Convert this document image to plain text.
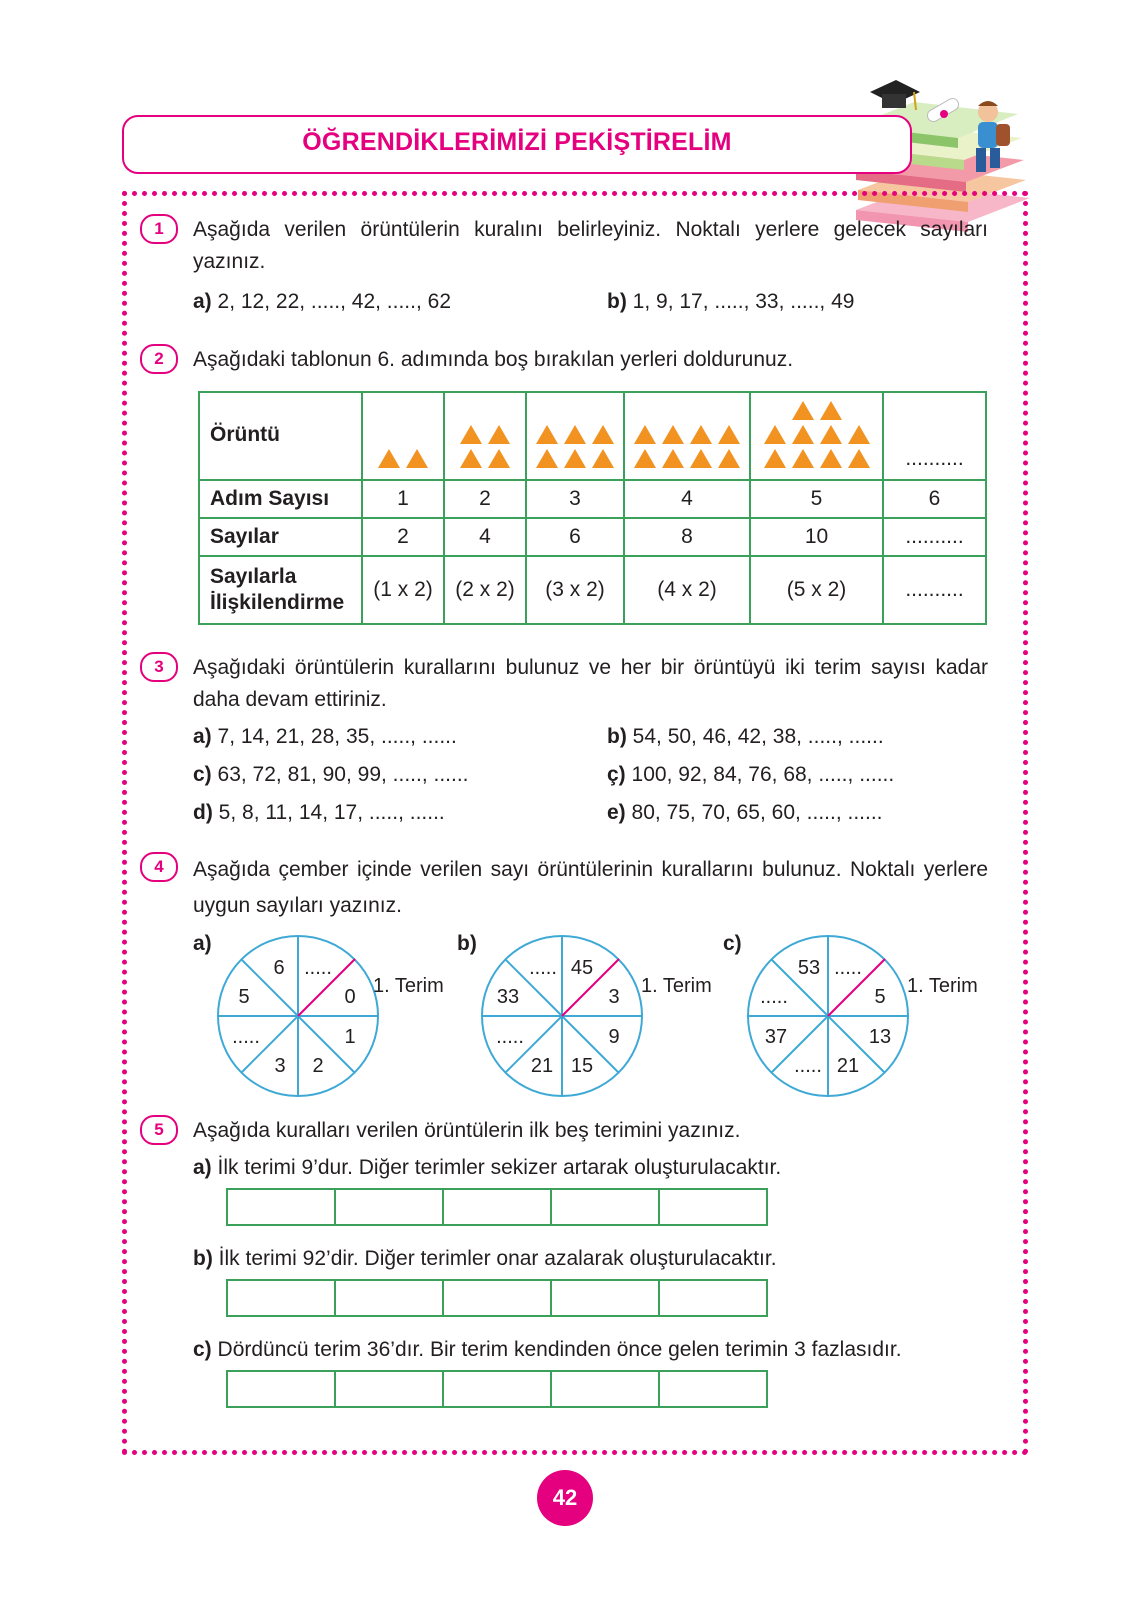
ÖĞRENDİKLERİMİZİ PEKİŞTİRELİM
1	Aşağıda verilen örüntülerin kuralını belirleyiniz. Noktalı yerlere gelecek sayıları yazınız.
a) 2, 12, 22, ....., 42, ....., 62	b) 1, 9, 17, ....., 33, ....., 49
2	Aşağıdaki tablonun 6. adımında boş bırakılan yerleri doldurunuz.
Örüntü						..........
Adım Sayısı	1	2	3	4	5	6
Sayılar	2	4	6	8	10	..........
Sayılarla İlişkilendirme	(1 x 2)	(2 x 2)	(3 x 2)	(4 x 2)	(5 x 2)	..........
3	Aşağıdaki örüntülerin kurallarını bulunuz ve her bir örüntüyü iki terim sayısı kadar daha devam ettiriniz.
a) 7, 14, 21, 28, 35, ....., ......	b) 54, 50, 46, 42, 38, ....., ......
c) 63, 72, 81, 90, 99, ....., ......	ç) 100, 92, 84, 76, 68, ....., ......
d) 5, 8, 11, 14, 17, ....., ......	e) 80, 75, 70, 65, 60, ....., ......
4	Aşağıda çember içinde verilen sayı örüntülerinin kurallarını bulunuz. Noktalı yerlere uygun sayıları yazınız.
a)	b)	c)
0
1
2
3
.....
5
6 .....
1. Terim	3
9
15
21
.....
33
..... 45
1. Terim	5
13
21
.....
37
.....
53 .....
1. Terim
5	Aşağıda kuralları verilen örüntülerin ilk beş terimini yazınız.
a) İlk terimi 9’dur. Diğer terimler sekizer artarak oluşturulacaktır.
b) İlk terimi 92’dir. Diğer terimler onar azalarak oluşturulacaktır.
c) Dördüncü terim 36’dır. Bir terim kendinden önce gelen terimin 3 fazlasıdır.
42
